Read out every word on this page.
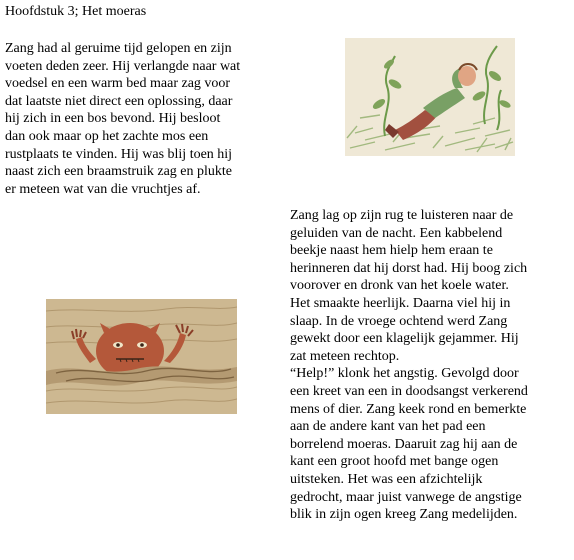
Hoofdstuk 3; Het moeras

Zang had al geruime tijd gelopen en zijn
voeten deden zeer. Hij verlangde naar wat
voedsel en een warm bed maar zag voor
dat laatste niet direct een oplossing, daar
hij zich in een bos bevond. Hij besloot
dan ook maar op het zachte mos een
rustplaats te vinden. Hij was blij toen hij
naast zich een braamstruik zag en plukte
er meteen wat van die vruchtjes af.

Zang lag op zijn rug te luisteren naar de
geluiden van de nacht. Een kabbelend
beekje naast hem hielp hem eraan te
herinneren dat hij dorst had. Hij boog zich
voorover en dronk van het koele water.
Het smaakte heerlijk. Daarna viel hij in
slaap. In de vroege ochtend werd Zang
gewekt door een klagelijk gejammer. Hij
zat meteen rechtop.
“Help!” klonk het angstig. Gevolgd door
een kreet van een in doodsangst verkerend
mens of dier. Zang keek rond en bemerkte
aan de andere kant van het pad een
borrelend moeras. Daaruit zag hij aan de
kant een groot hoofd met bange ogen
uitsteken. Het was een afzichtelijk
gedrocht, maar juist vanwege de angstige
blik in zijn ogen kreeg Zang medelijden.
